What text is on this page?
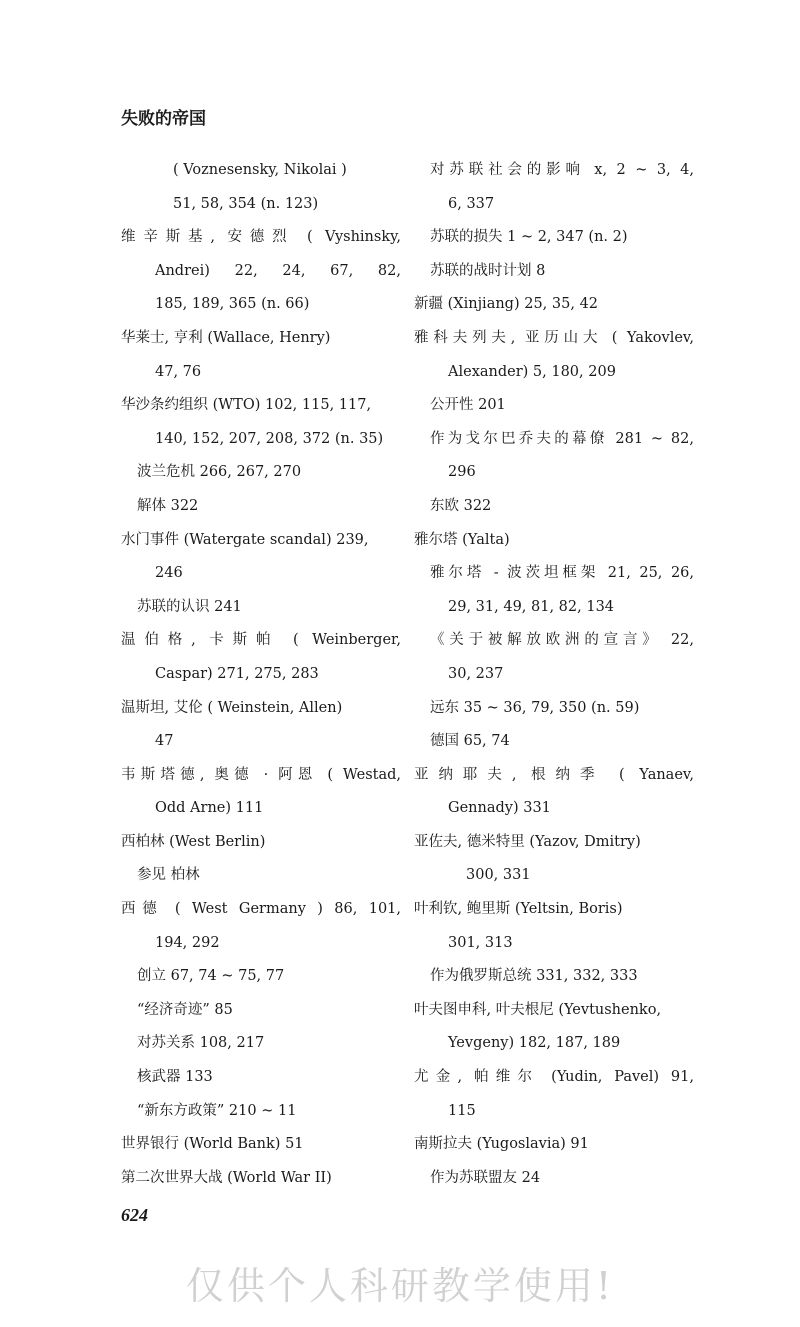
失败的帝国
( Voznesensky, Nikolai )
51, 58, 354 (n. 123)
维辛斯基, 安德烈 ( Vyshinsky,
Andrei) 22, 24, 67, 82,
185, 189, 365 (n. 66)
华莱士, 亨利 (Wallace, Henry)
47, 76
华沙条约组织 (WTO) 102, 115, 117,
140, 152, 207, 208, 372 (n. 35)
波兰危机 266, 267, 270
解体 322
水门事件 (Watergate scandal) 239,
246
苏联的认识 241
温伯格, 卡斯帕 ( Weinberger,
Caspar) 271, 275, 283
温斯坦, 艾伦 ( Weinstein, Allen)
47
韦斯塔德, 奥德 · 阿恩 ( Westad,
Odd Arne) 111
西柏林 (West Berlin)
参见 柏林
西德 ( West Germany ) 86, 101,
194, 292
创立 67, 74 ~ 75, 77
“经济奇迹” 85
对苏关系 108, 217
核武器 133
“新东方政策” 210 ~ 11
世界银行 (World Bank) 51
第二次世界大战 (World War II)
对苏联社会的影响 x, 2 ~ 3, 4,
6, 337
苏联的损失 1 ~ 2, 347 (n. 2)
苏联的战时计划 8
新疆 (Xinjiang) 25, 35, 42
雅科夫列夫, 亚历山大 ( Yakovlev,
Alexander) 5, 180, 209
公开性 201
作为戈尔巴乔夫的幕僚 281 ~ 82,
296
东欧 322
雅尔塔 (Yalta)
雅尔塔 - 波茨坦框架 21, 25, 26,
29, 31, 49, 81, 82, 134
《关于被解放欧洲的宣言》 22,
30, 237
远东 35 ~ 36, 79, 350 (n. 59)
德国 65, 74
亚纳耶夫, 根纳季 ( Yanaev,
Gennady) 331
亚佐夫, 德米特里 (Yazov, Dmitry)
300, 331
叶利钦, 鲍里斯 (Yeltsin, Boris)
301, 313
作为俄罗斯总统 331, 332, 333
叶夫图申科, 叶夫根尼 (Yevtushenko,
Yevgeny) 182, 187, 189
尤金, 帕维尔 (Yudin, Pavel) 91,
115
南斯拉夫 (Yugoslavia) 91
作为苏联盟友 24
624
仅供个人科研教学使用!
